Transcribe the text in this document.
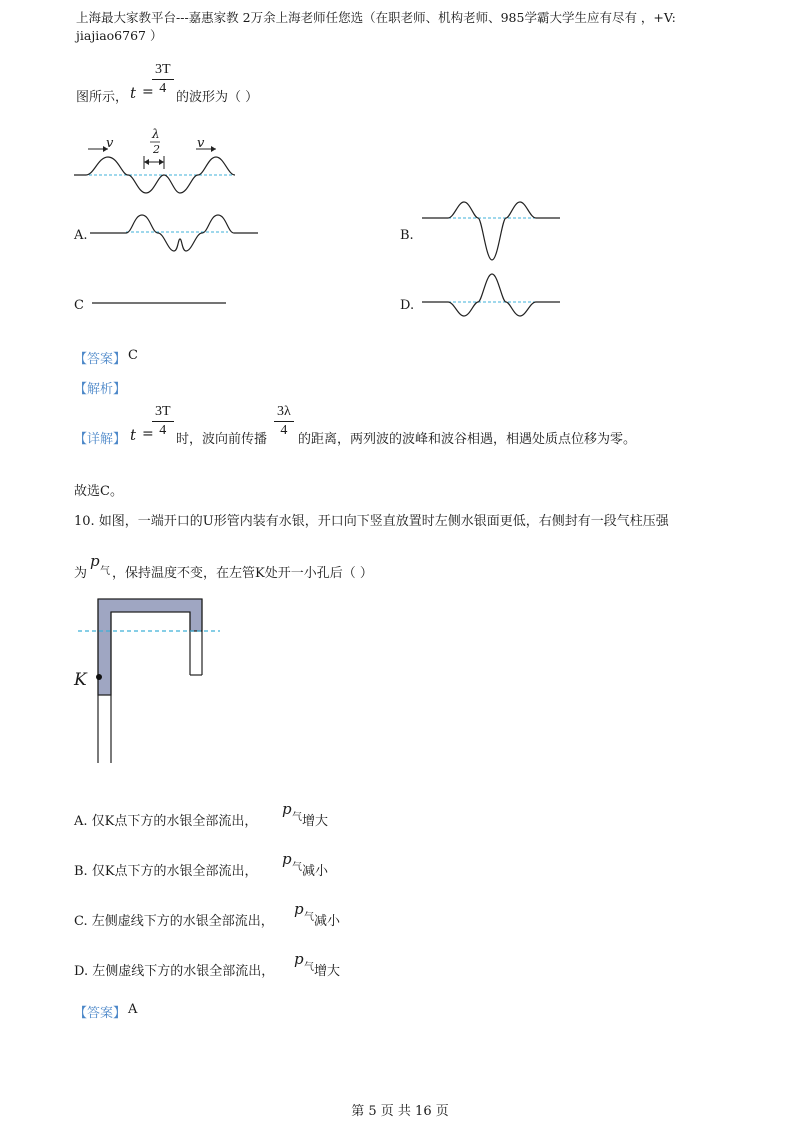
上海最大家教平台---嘉惠家教 2万余上海老师任您选（在职老师、机构老师、985学霸大学生应有尽有 ，+V:
jiajiao6767 ）
图所示， t =
$\frac{3T}{4}$
的波形为（ ）
v	v
λ
2
A.	B.
C	D.
【答案】 C
【解析】
【详解】 t =
$\frac{3T}{4}$
时，波向前传播
$\frac{3\lambda}{4}$
的距离，两列波的波峰和波谷相遇，相遇处质点位移为零。
故选C。
10. 如图，一端开口的U形管内装有水银，开口向下竖直放置时左侧水银面更低，右侧封有一段气柱压强
为
p
气 ，保持温度不变，在左管K处开一小孔后（ ）
K
A. 仅K点下方的水银全部流出，
p 气 增大
B. 仅K点下方的水银全部流出，
p 气 减小
C. 左侧虚线下方的水银全部流出，
p 气 减小
D. 左侧虚线下方的水银全部流出，
p 气 增大
【答案】 A
第 5 页 共 16 页
